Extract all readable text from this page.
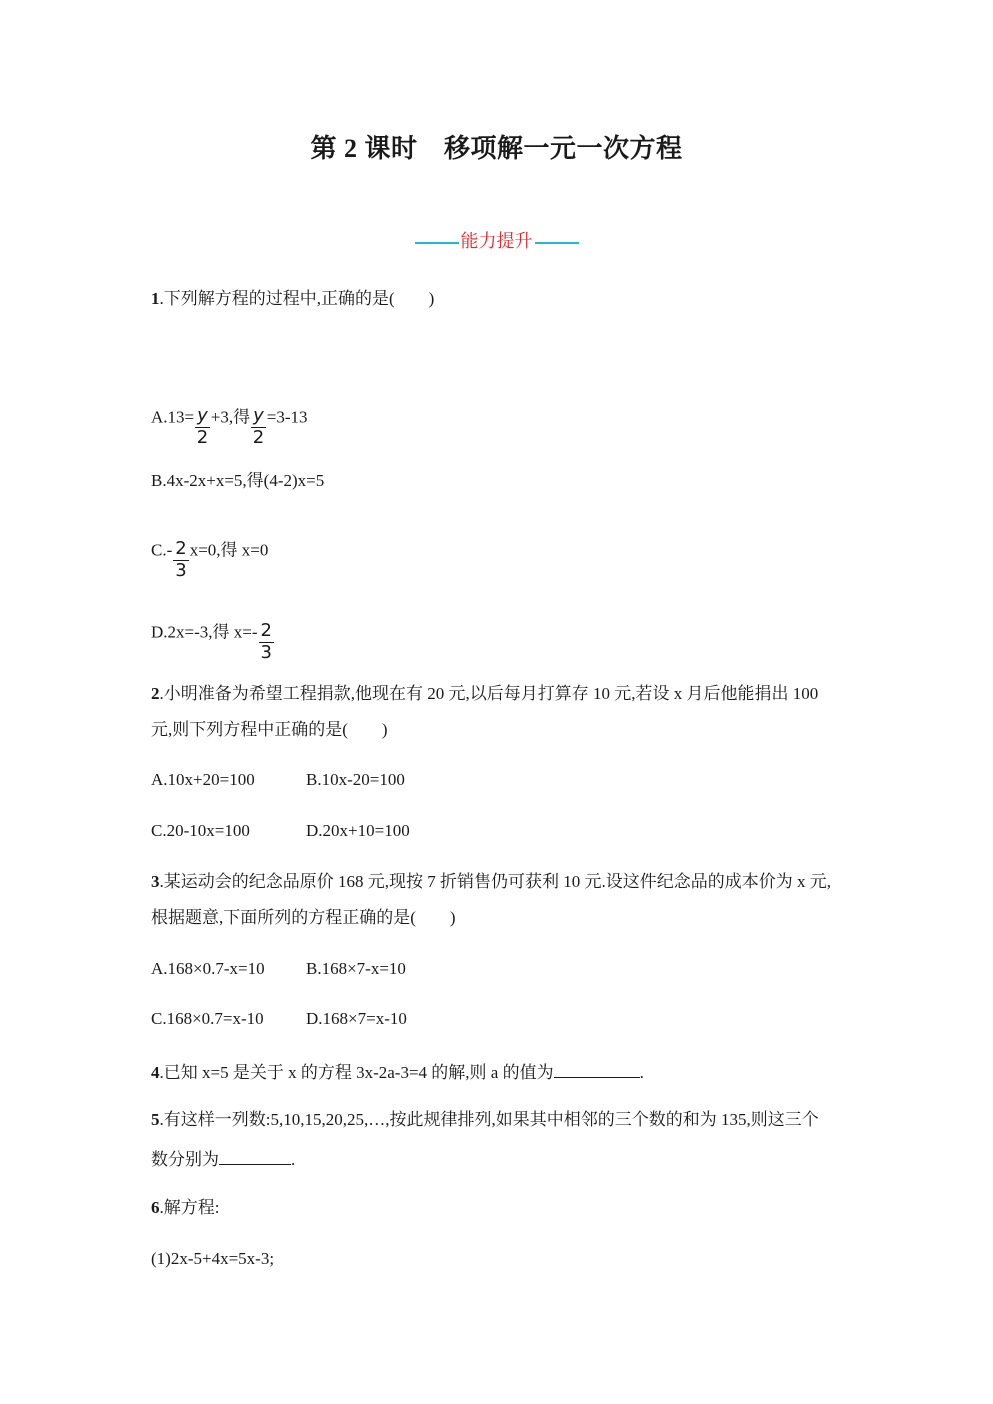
第 2 课时　移项解一元一次方程
能力提升
1.下列解方程的过程中,正确的是(　　)
$A.13= \frac{y}{2} +3$,得 $\frac{y}{2} =3-13$
B.4x-2x+x=5,得(4-2)x=5
$C.- \frac{2}{3} x=0$,得 x=0
D.2x=-3,得 $x=- \frac{2}{3}$
2.小明准备为希望工程捐款,他现在有 20 元,以后每月打算存 10 元,若设 x 月后他能捐出 100
元,则下列方程中正确的是(　　)
A.10x+20=100	B.10x-20=100
C.20-10x=100	D.20x+10=100
3.某运动会的纪念品原价 168 元,现按 7 折销售仍可获利 10 元.设这件纪念品的成本价为 x 元,
根据题意,下面所列的方程正确的是(　　)
A.168×0.7-x=10 B.168×7-x=10
C.168×0.7=x-10 D.168×7=x-10
4.已知 x=5 是关于 x 的方程 3x-2a-3=4 的解,则 a 的值为	.
5.有这样一列数:5,10,15,20,25,…,按此规律排列,如果其中相邻的三个数的和为 135,则这三个
数分别为	.
6.解方程:
(1)2x-5+4x=5x-3;
